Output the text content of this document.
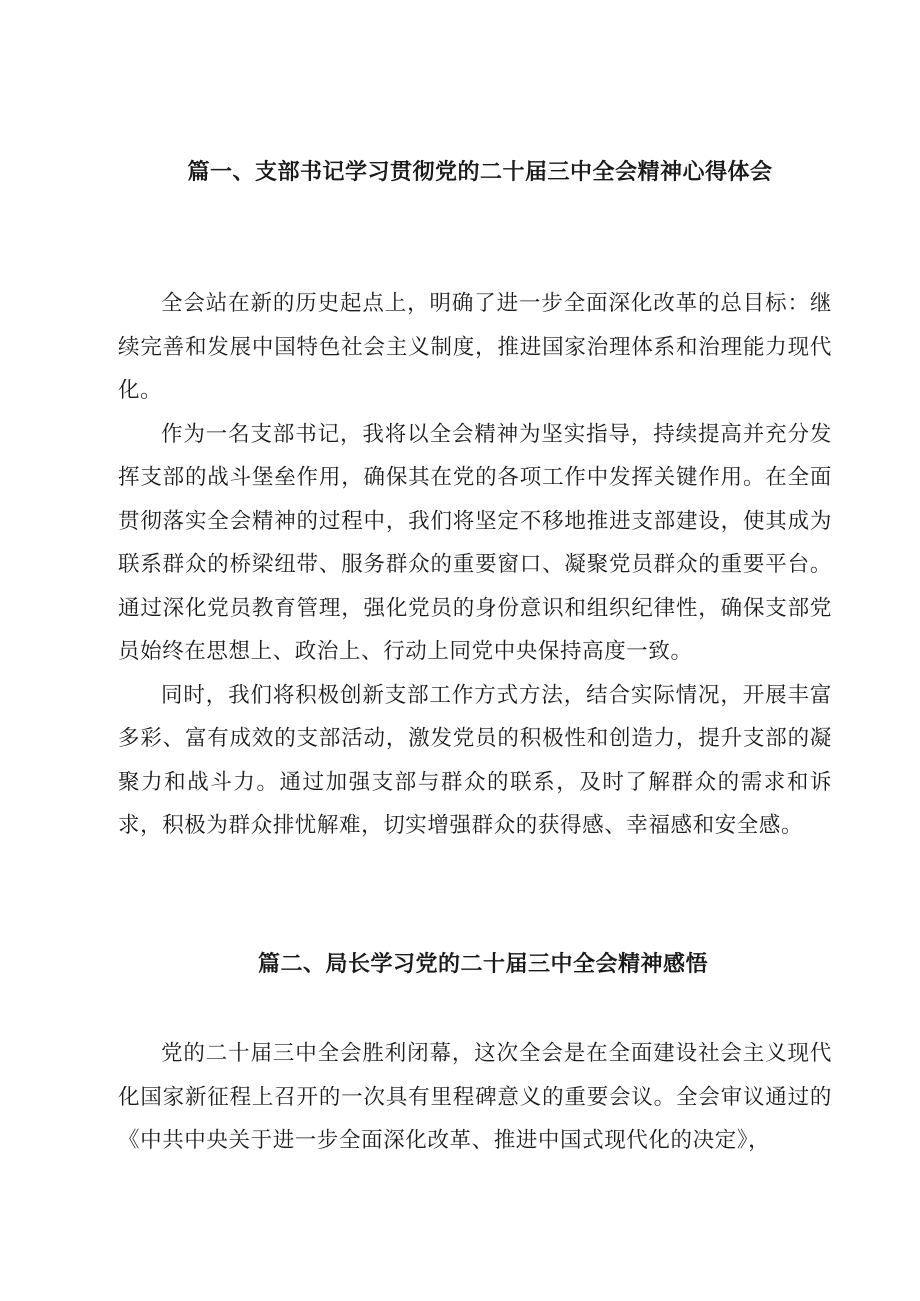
篇一、支部书记学习贯彻党的二十届三中全会精神心得体会

全会站在新的历史起点上，明确了进一步全面深化改革的总目标：继续完善和发展中国特色社会主义制度，推进国家治理体系和治理能力现代化。

作为一名支部书记，我将以全会精神为坚实指导，持续提高并充分发挥支部的战斗堡垒作用，确保其在党的各项工作中发挥关键作用。在全面贯彻落实全会精神的过程中，我们将坚定不移地推进支部建设，使其成为联系群众的桥梁纽带、服务群众的重要窗口、凝聚党员群众的重要平台。通过深化党员教育管理，强化党员的身份意识和组织纪律性，确保支部党员始终在思想上、政治上、行动上同党中央保持高度一致。

同时，我们将积极创新支部工作方式方法，结合实际情况，开展丰富多彩、富有成效的支部活动，激发党员的积极性和创造力，提升支部的凝聚力和战斗力。通过加强支部与群众的联系，及时了解群众的需求和诉求，积极为群众排忧解难，切实增强群众的获得感、幸福感和安全感。

篇二、局长学习党的二十届三中全会精神感悟

党的二十届三中全会胜利闭幕，这次全会是在全面建设社会主义现代化国家新征程上召开的一次具有里程碑意义的重要会议。全会审议通过的《中共中央关于进一步全面深化改革、推进中国式现代化的决定》，
